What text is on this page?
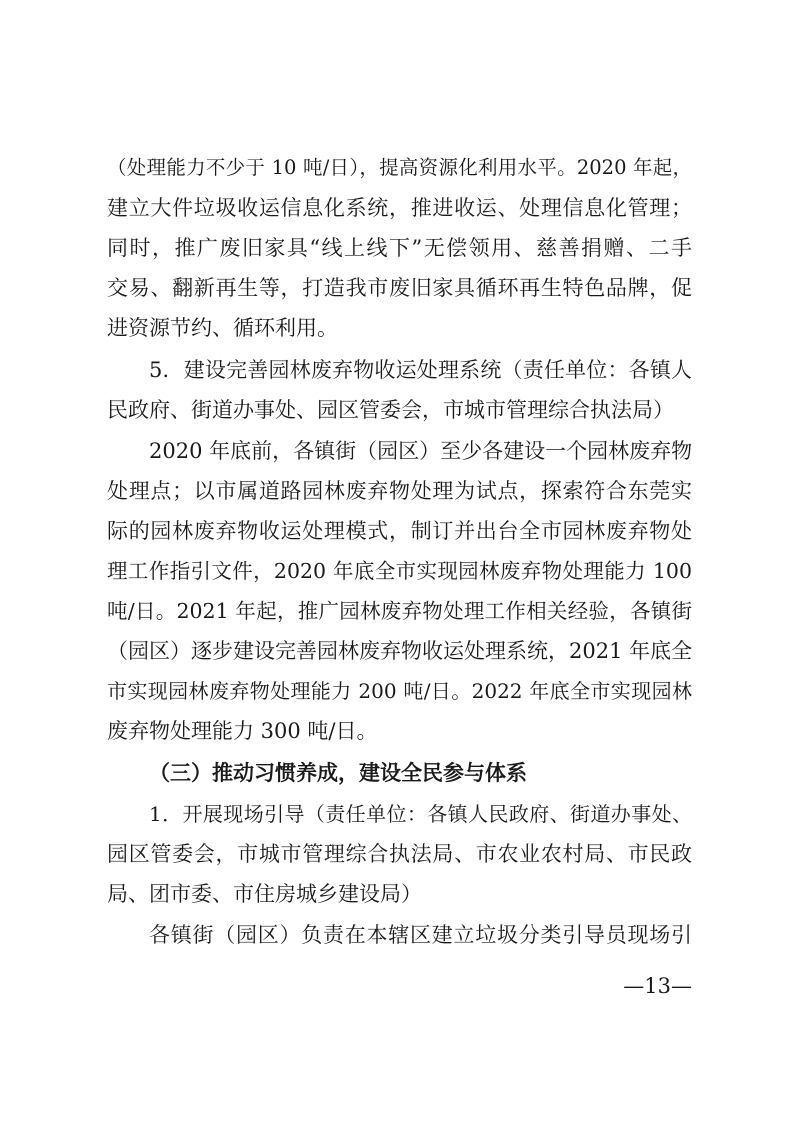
（处理能力不少于 10 吨/日），提高资源化利用水平。2020 年起，
建立大件垃圾收运信息化系统，推进收运、处理信息化管理；
同时，推广废旧家具“线上线下”无偿领用、慈善捐赠、二手
交易、翻新再生等，打造我市废旧家具循环再生特色品牌，促
进资源节约、循环利用。
5．建设完善园林废弃物收运处理系统（责任单位：各镇人
民政府、街道办事处、园区管委会，市城市管理综合执法局）
2020 年底前，各镇街（园区）至少各建设一个园林废弃物
处理点；以市属道路园林废弃物处理为试点，探索符合东莞实
际的园林废弃物收运处理模式，制订并出台全市园林废弃物处
理工作指引文件，2020 年底全市实现园林废弃物处理能力 100
吨/日。2021 年起，推广园林废弃物处理工作相关经验，各镇街
（园区）逐步建设完善园林废弃物收运处理系统，2021 年底全
市实现园林废弃物处理能力 200 吨/日。2022 年底全市实现园林
废弃物处理能力 300 吨/日。
（三）推动习惯养成，建设全民参与体系
1．开展现场引导（责任单位：各镇人民政府、街道办事处、
园区管委会，市城市管理综合执法局、市农业农村局、市民政
局、团市委、市住房城乡建设局）
各镇街（园区）负责在本辖区建立垃圾分类引导员现场引
—13—
